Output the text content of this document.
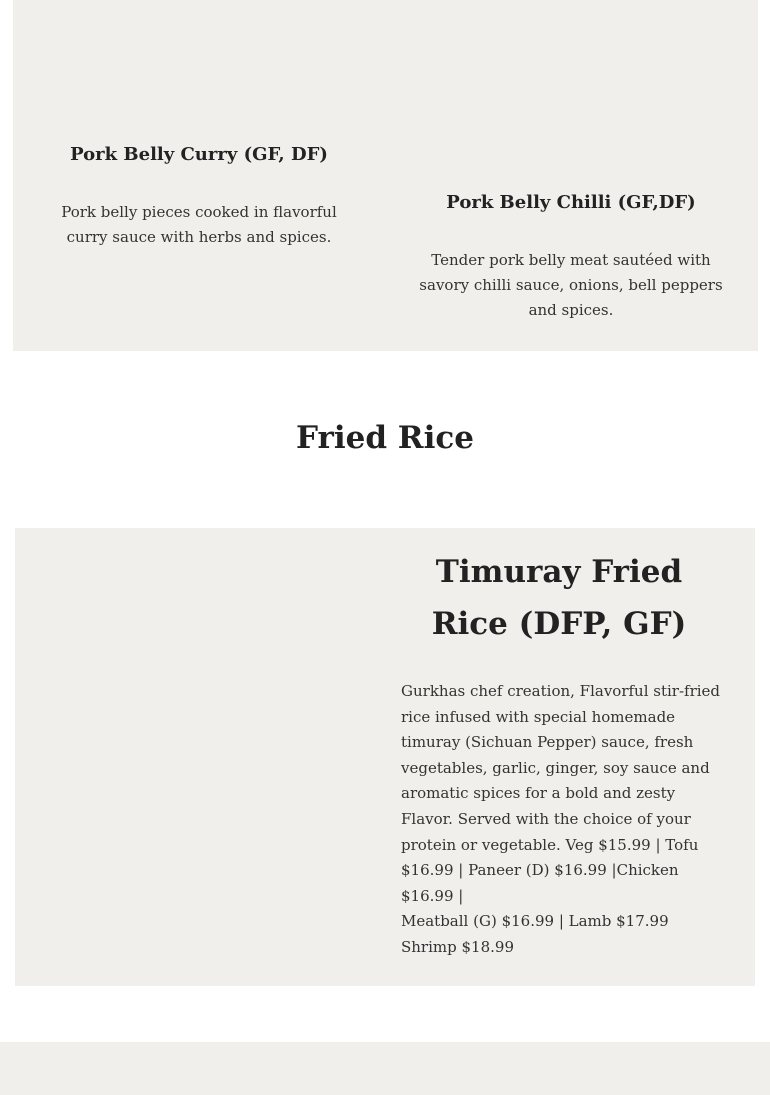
Pork Belly Curry (GF, DF)
Pork belly pieces cooked in flavorful curry sauce with herbs and spices.
Pork Belly Chilli (GF,DF)
Tender pork belly meat sautéed with savory chilli sauce, onions, bell peppers and spices.
Fried Rice
Timuray Fried Rice (DFP, GF)
Gurkhas chef creation, Flavorful stir-fried rice infused with special homemade timuray (Sichuan Pepper) sauce, fresh vegetables, garlic, ginger, soy sauce and aromatic spices for a bold and zesty Flavor. Served with the choice of your protein or vegetable. Veg $15.99 | Tofu $16.99 | Paneer (D) $16.99 |Chicken $16.99 |
Meatball (G) $16.99 | Lamb $17.99
Shrimp $18.99
